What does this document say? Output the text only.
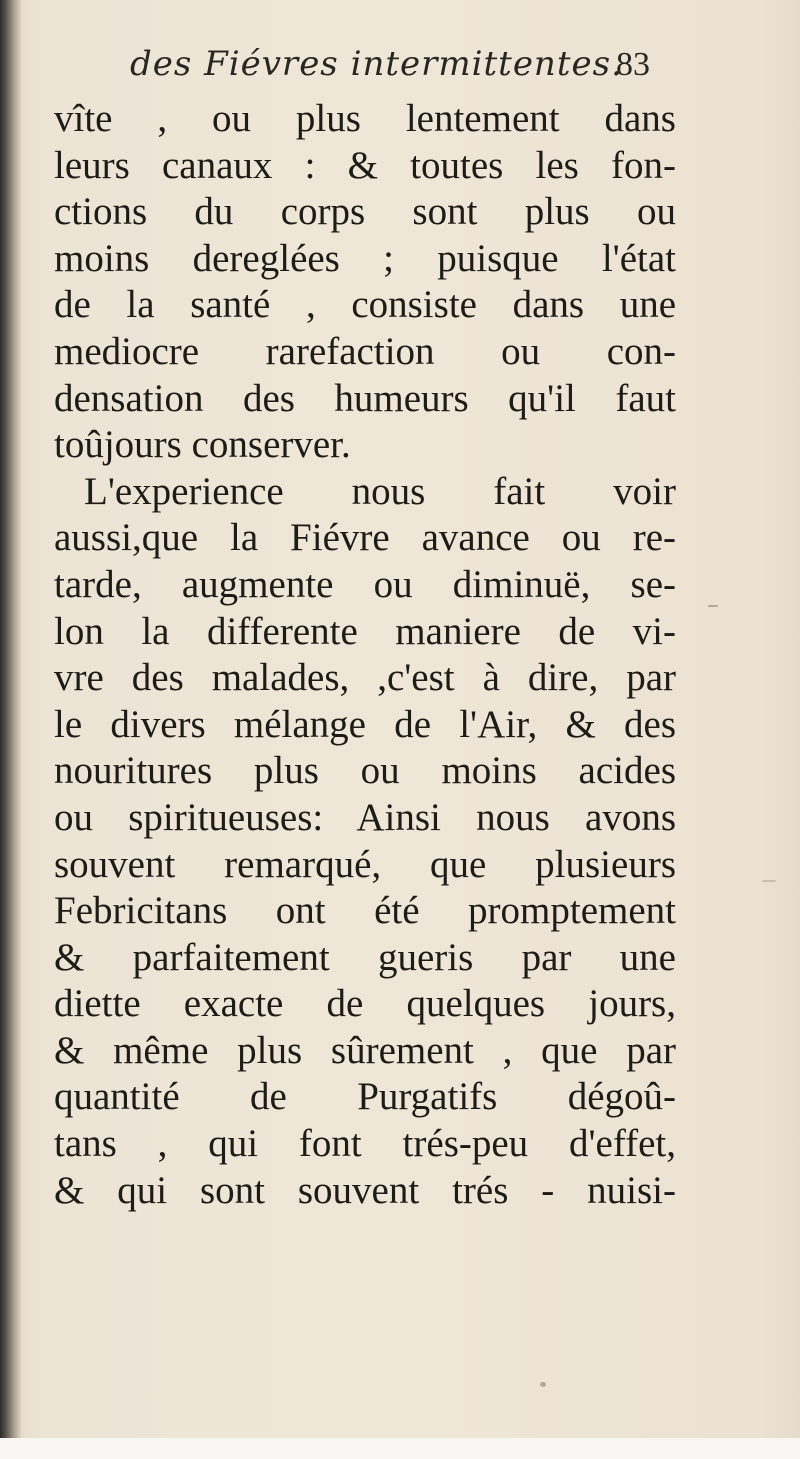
des Fiévres intermittentes.
83
vîte , ou plus lentement dans
leurs canaux : & toutes les fon-
ctions du corps sont plus ou
moins dereglées ; puisque l'état
de la santé , consiste dans une
mediocre rarefaction ou con-
densation des humeurs qu'il faut
toûjours conserver.
L'experience nous fait voir
aussi,que la Fiévre avance ou re-
tarde, augmente ou diminuë, se-
lon la differente maniere de vi-
vre des malades, ,c'est à dire, par
le divers mélange de l'Air, & des
nouritures plus ou moins acides
ou spiritueuses: Ainsi nous avons
souvent remarqué, que plusieurs
Febricitans ont été promptement
& parfaitement gueris par une
diette exacte de quelques jours,
& même plus sûrement , que par
quantité de Purgatifs dégoû-
tans , qui font trés-peu d'effet,
& qui sont souvent trés - nuisi-
